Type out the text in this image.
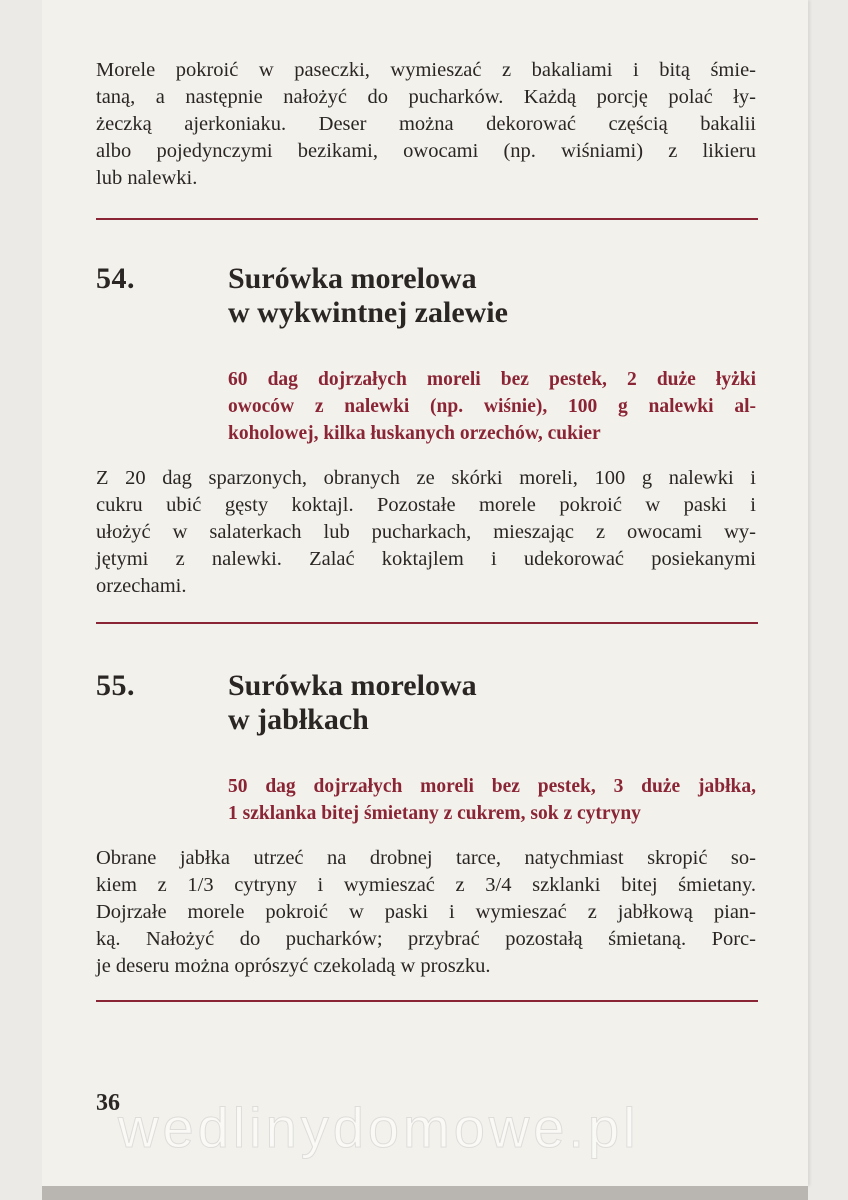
Morele pokroić w paseczki, wymieszać z bakaliami i bitą śmie-
taną, a następnie nałożyć do pucharków. Każdą porcję polać ły-
żeczką ajerkoniaku. Deser można dekorować częścią bakalii
albo pojedynczymi bezikami, owocami (np. wiśniami) z likieru
lub nalewki.
54.	Surówka morelowa
w wykwintnej zalewie
60 dag dojrzałych moreli bez pestek, 2 duże łyżki
owoców z nalewki (np. wiśnie), 100 g nalewki al-
koholowej, kilka łuskanych orzechów, cukier
Z 20 dag sparzonych, obranych ze skórki moreli, 100 g nalewki i
cukru ubić gęsty koktajl. Pozostałe morele pokroić w paski i
ułożyć w salaterkach lub pucharkach, mieszając z owocami wy-
jętymi z nalewki. Zalać koktajlem i udekorować posiekanymi
orzechami.
55.	Surówka morelowa
w jabłkach
50 dag dojrzałych moreli bez pestek, 3 duże jabłka,
1 szklanka bitej śmietany z cukrem, sok z cytryny
Obrane jabłka utrzeć na drobnej tarce, natychmiast skropić so-
kiem z 1/3 cytryny i wymieszać z 3/4 szklanki bitej śmietany.
Dojrzałe morele pokroić w paski i wymieszać z jabłkową pian-
ką. Nałożyć do pucharków; przybrać pozostałą śmietaną. Porc-
je deseru można oprószyć czekoladą w proszku.
36
wedlinydomowe.pl
